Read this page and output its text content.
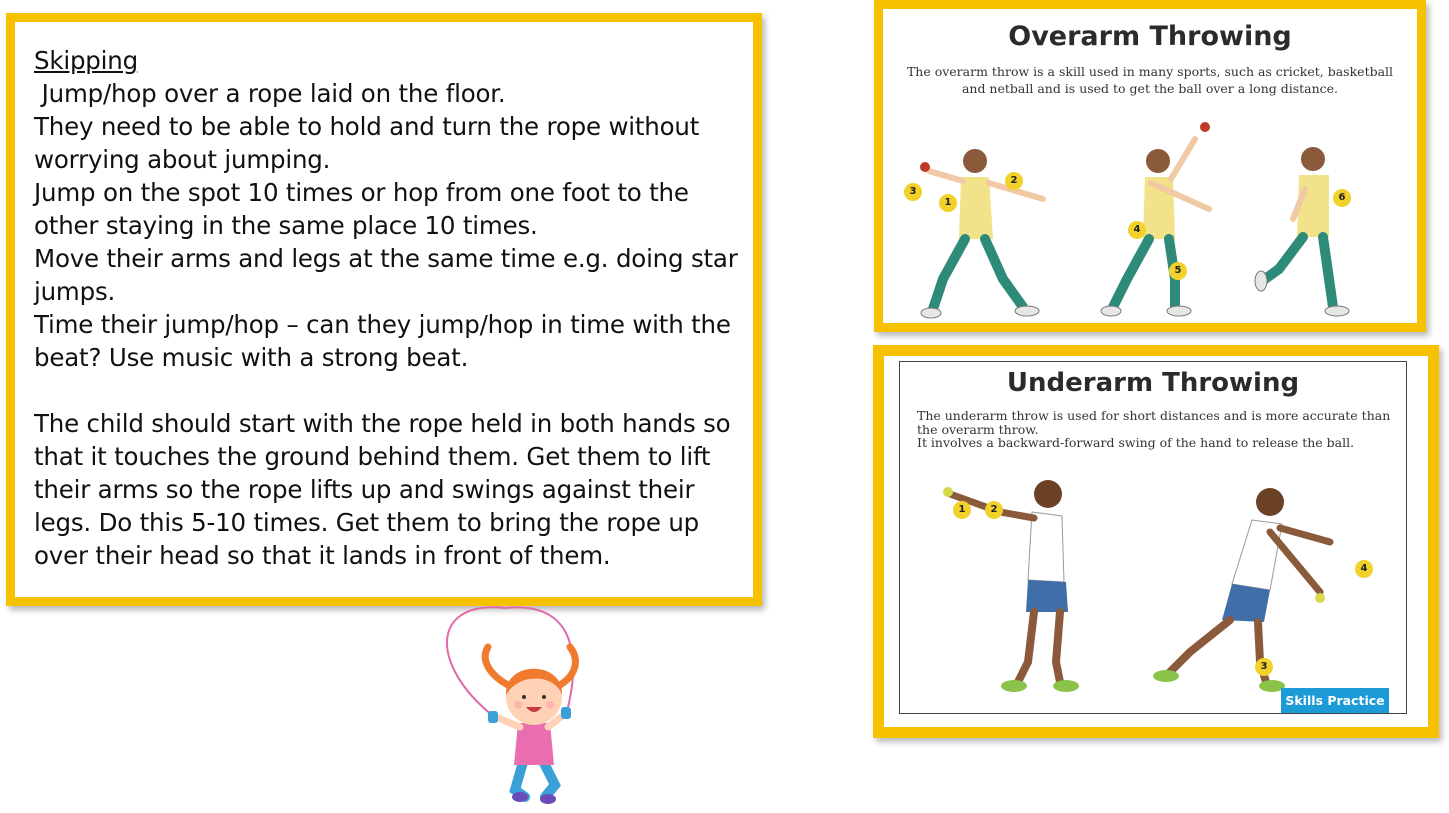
Skipping

Jump/hop over a rope laid on the floor.

They need to be able to hold and turn the rope without worrying about jumping.

Jump on the spot 10 times or hop from one foot to the other staying in the same place 10 times.

Move their arms and legs at the same time e.g. doing star jumps.

Time their jump/hop – can they jump/hop in time with the beat? Use music with a strong beat.

The child should start with the rope held in both hands so that it touches the ground behind them. Get them to lift their arms so the rope lifts up and swings against their legs. Do this 5-10 times. Get them to bring the rope up over their head so that it lands in front of them.

Overarm Throwing
The overarm throw is a skill used in many sports, such as cricket, basketball and netball and is used to get the ball over a long distance.
1
2
3
4
5
6
Underarm Throwing
The underarm throw is used for short distances and is more accurate than the overarm throw.
It involves a backward-forward swing of the hand to release the ball.
1	2
3
4
Skills Practice
